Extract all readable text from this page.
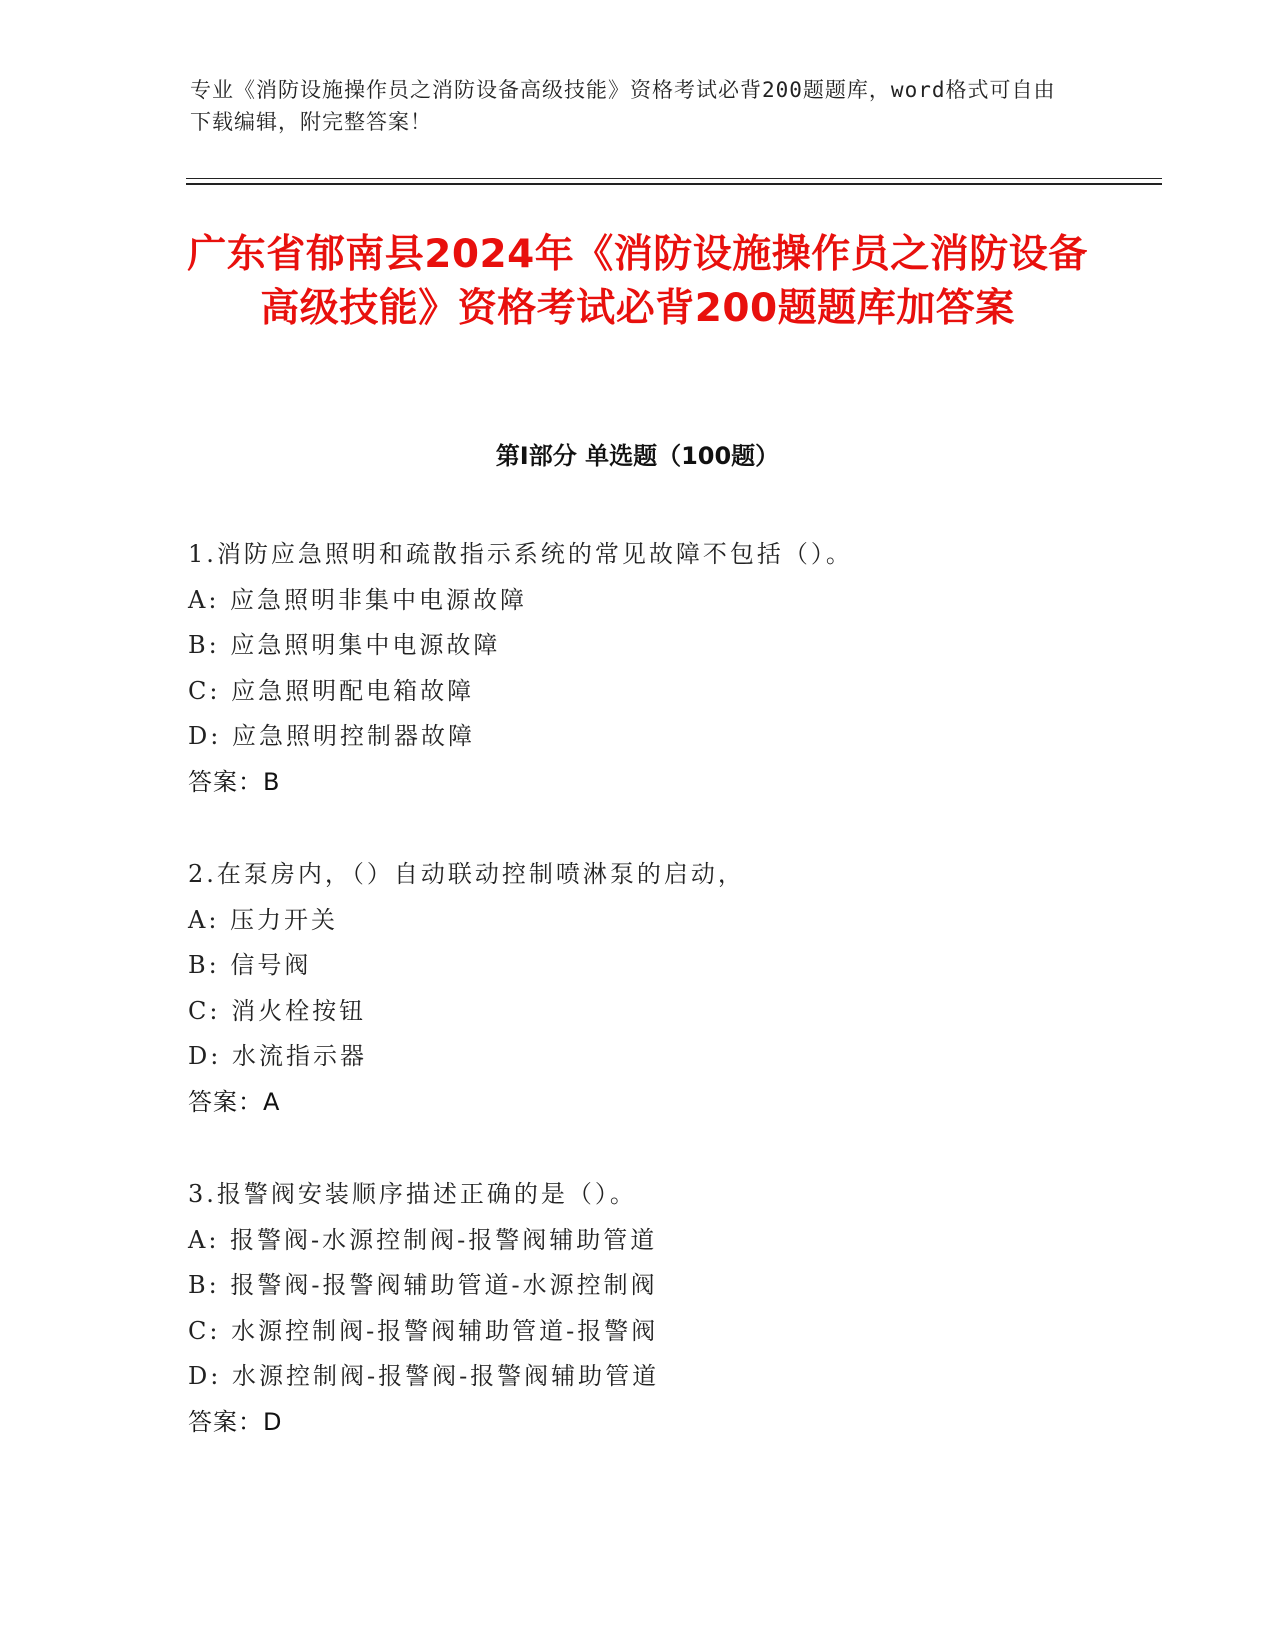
专业《消防设施操作员之消防设备高级技能》资格考试必背200题题库，word格式可自由下载编辑，附完整答案！
广东省郁南县2024年《消防设施操作员之消防设备高级技能》资格考试必背200题题库加答案
第Ⅰ部分 单选题（100题）
1.消防应急照明和疏散指示系统的常见故障不包括（）。
A: 应急照明非集中电源故障
B: 应急照明集中电源故障
C: 应急照明配电箱故障
D: 应急照明控制器故障
答案：B
2.在泵房内，（）自动联动控制喷淋泵的启动，
A: 压力开关
B: 信号阀
C: 消火栓按钮
D: 水流指示器
答案：A
3.报警阀安装顺序描述正确的是（）。
A: 报警阀-水源控制阀-报警阀辅助管道
B: 报警阀-报警阀辅助管道-水源控制阀
C: 水源控制阀-报警阀辅助管道-报警阀
D: 水源控制阀-报警阀-报警阀辅助管道
答案：D
